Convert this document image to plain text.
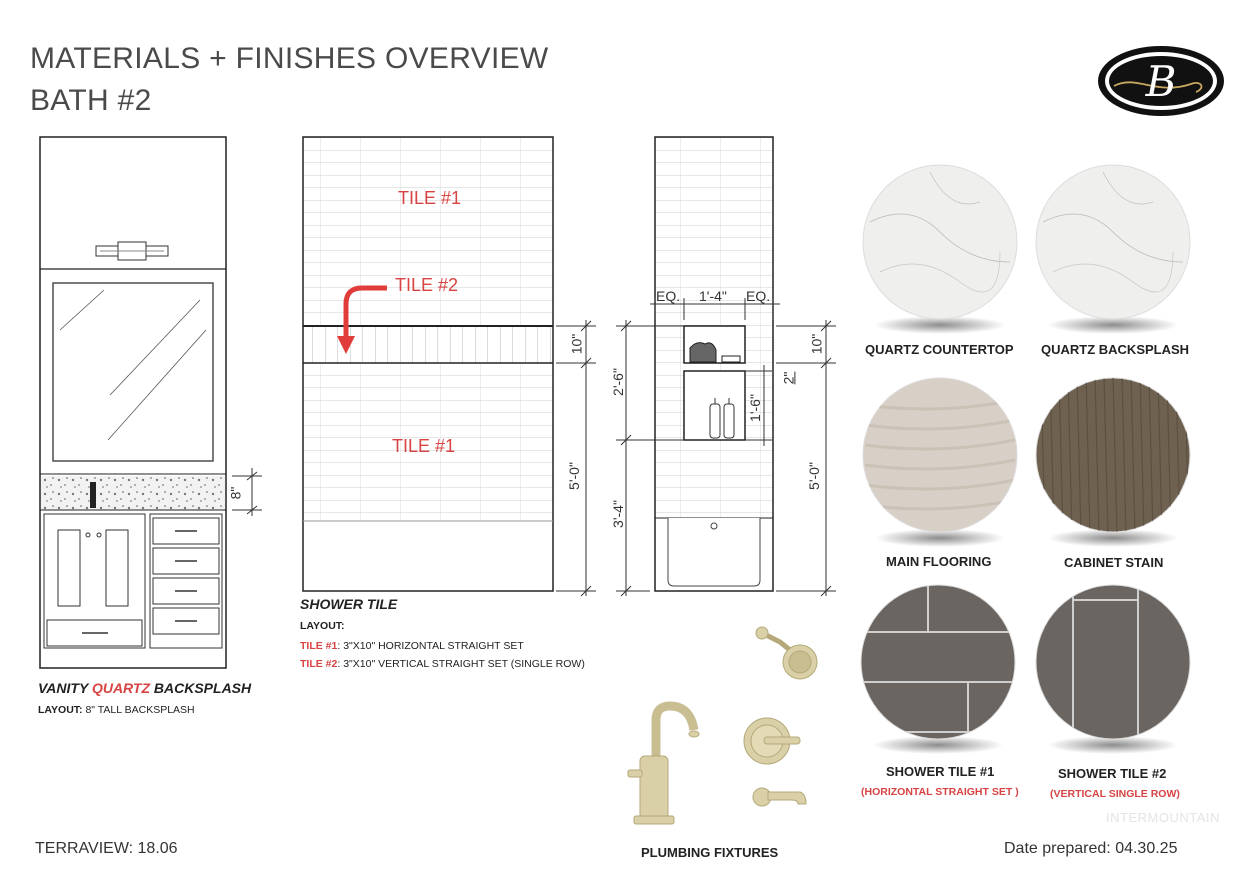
MATERIALS + FINISHES OVERVIEW
BATH #2	B
8"
VANITY QUARTZ BACKSPLASH
LAYOUT: 8" TALL BACKSPLASH
TILE #1
TILE #2
TILE #1
10"
5'-0"
SHOWER TILE
LAYOUT:
TILE #1: 3"X10" HORIZONTAL STRAIGHT SET
TILE #2: 3"X10" VERTICAL STRAIGHT SET (SINGLE ROW)
EQ. 1'-4" EQ.
2'-6"
3'-4"
1'-6"
2"
10"
5'-0"
QUARTZ COUNTERTOP QUARTZ BACKSPLASH
MAIN FLOORING	CABINET STAIN
SHOWER TILE #1
(HORIZONTAL STRAIGHT SET )
SHOWER TILE #2
(VERTICAL SINGLE ROW)
PLUMBING FIXTURES
TERRAVIEW: 18.06	Date prepared: 04.30.25
INTERMOUNTAIN
